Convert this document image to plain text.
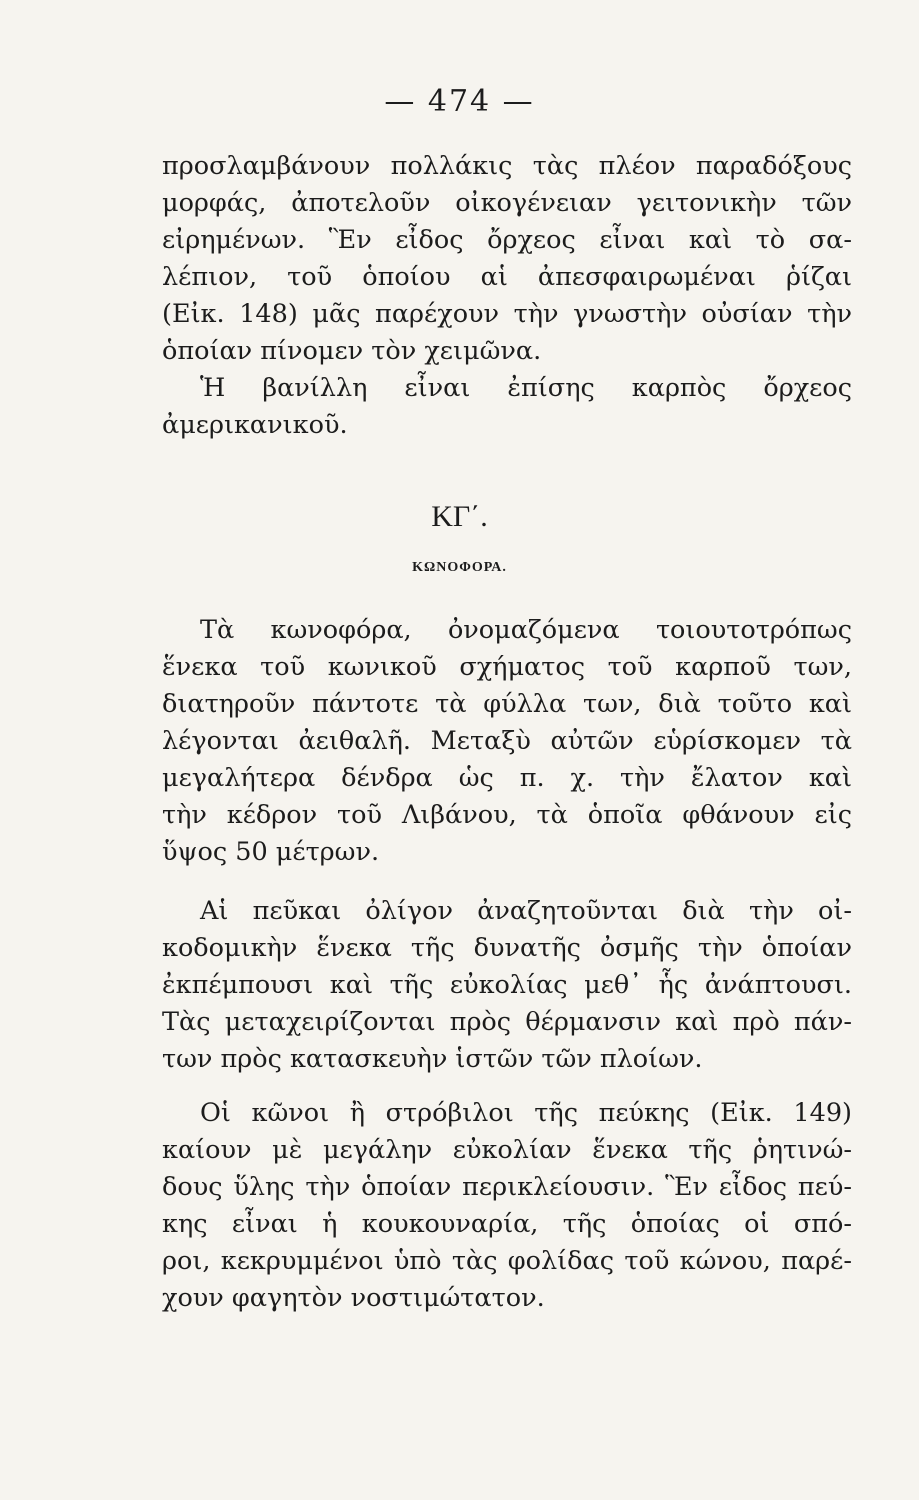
— 474 —
προσλαμβάνουν πολλάκις τὰς πλέον παραδόξους
μορφάς, ἀποτελοῦν οἰκογένειαν γειτονικὴν τῶν
εἰρημένων. Ἓν εἶδος ὄρχεος εἶναι καὶ τὸ σα-
λέπιον, τοῦ ὁποίου αἱ ἀπεσφαιρωμέναι ῥίζαι
(Εἰκ. 148) μᾶς παρέχουν τὴν γνωστὴν οὐσίαν τὴν
ὁποίαν πίνομεν τὸν χειμῶνα.
Ἡ βανίλλη εἶναι ἐπίσης καρπὸς ὄρχεος
ἀμερικανικοῦ.
ΚΓ΄.
ΚΩΝΟΦΟΡΑ.
Τὰ κωνοφόρα, ὀνομαζόμενα τοιουτοτρόπως
ἕνεκα τοῦ κωνικοῦ σχήματος τοῦ καρποῦ των,
διατηροῦν πάντοτε τὰ φύλλα των, διὰ τοῦτο καὶ
λέγονται ἀειθαλῆ. Μεταξὺ αὐτῶν εὑρίσκομεν τὰ
μεγαλήτερα δένδρα ὡς π. χ. τὴν ἔλατον καὶ
τὴν κέδρον τοῦ Λιβάνου, τὰ ὁποῖα φθάνουν εἰς
ὕψος 50 μέτρων.
Αἱ πεῦκαι ὀλίγον ἀναζητοῦνται διὰ τὴν οἰ-
κοδομικὴν ἕνεκα τῆς δυνατῆς ὀσμῆς τὴν ὁποίαν
ἐκπέμπουσι καὶ τῆς εὐκολίας μεθ᾽ ἧς ἀνάπτουσι.
Τὰς μεταχειρίζονται πρὸς θέρμανσιν καὶ πρὸ πάν-
των πρὸς κατασκευὴν ἱστῶν τῶν πλοίων.
Οἱ κῶνοι ἢ στρόβιλοι τῆς πεύκης (Εἰκ. 149)
καίουν μὲ μεγάλην εὐκολίαν ἕνεκα τῆς ῥητινώ-
δους ὕλης τὴν ὁποίαν περικλείουσιν. Ἓν εἶδος πεύ-
κης εἶναι ἡ κουκουναρία, τῆς ὁποίας οἱ σπό-
ροι, κεκρυμμένοι ὑπὸ τὰς φολίδας τοῦ κώνου, παρέ-
χουν φαγητὸν νοστιμώτατον.
